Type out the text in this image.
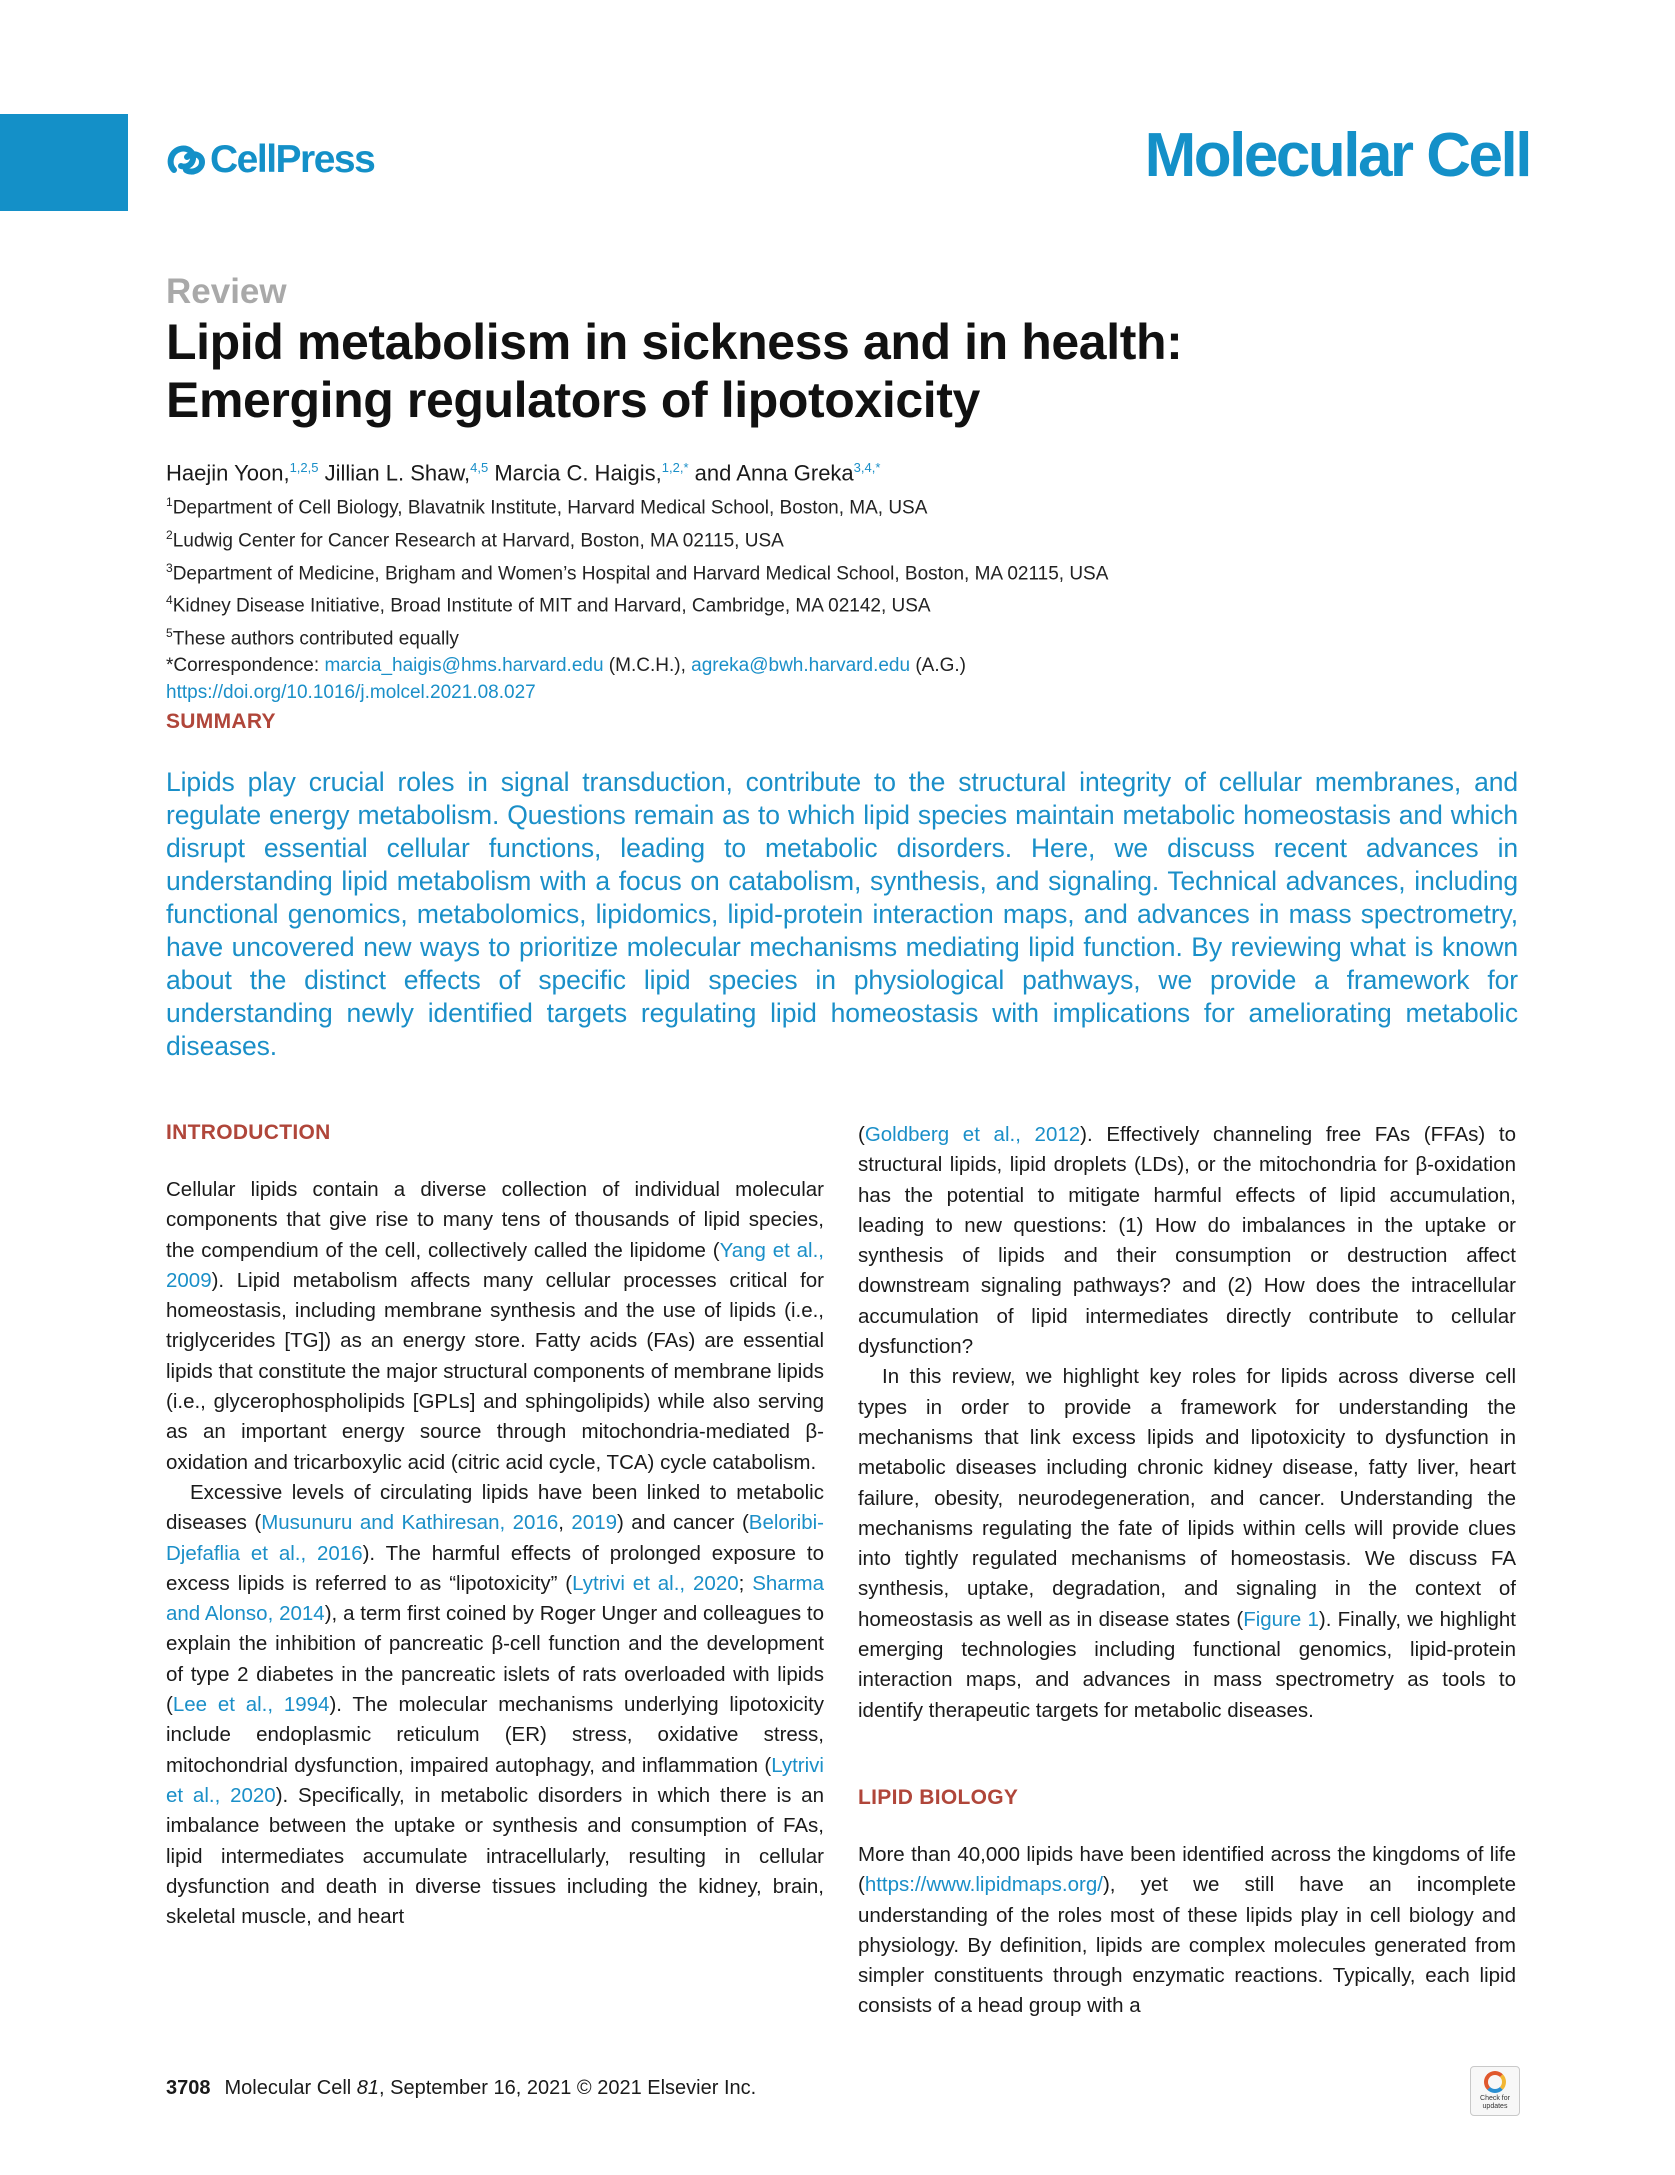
CellPress	Molecular Cell
Review
Lipid metabolism in sickness and in health:
Emerging regulators of lipotoxicity
Haejin Yoon,$^{1,2,5}$ Jillian L. Shaw,$^{4,5}$ Marcia C. Haigis,$^{1,2,*}$ and Anna Greka$^{3,4,*}$
$^1$Department of Cell Biology, Blavatnik Institute, Harvard Medical School, Boston, MA, USA
$^2$Ludwig Center for Cancer Research at Harvard, Boston, MA 02115, USA
$^3$Department of Medicine, Brigham and Women’s Hospital and Harvard Medical School, Boston, MA 02115, USA
$^4$Kidney Disease Initiative, Broad Institute of MIT and Harvard, Cambridge, MA 02142, USA
$^5$These authors contributed equally
*Correspondence: marcia_haigis@hms.harvard.edu (M.C.H.), agreka@bwh.harvard.edu (A.G.)
https://doi.org/10.1016/j.molcel.2021.08.027
SUMMARY
Lipids play crucial roles in signal transduction, contribute to the structural integrity of cellular membranes, and regulate energy metabolism. Questions remain as to which lipid species maintain metabolic homeostasis and which disrupt essential cellular functions, leading to metabolic disorders. Here, we discuss recent advances in understanding lipid metabolism with a focus on catabolism, synthesis, and signaling. Technical advances, including functional genomics, metabolomics, lipidomics, lipid-protein interaction maps, and advances in mass spectrometry, have uncovered new ways to prioritize molecular mechanisms mediating lipid function. By reviewing what is known about the distinct effects of specific lipid species in physiological pathways, we provide a framework for understanding newly identified targets regulating lipid homeostasis with implications for ameliorating metabolic diseases.
INTRODUCTION

Cellular lipids contain a diverse collection of individual molecular components that give rise to many tens of thousands of lipid species, the compendium of the cell, collectively called the lipidome (Yang et al., 2009). Lipid metabolism affects many cellular processes critical for homeostasis, including membrane synthesis and the use of lipids (i.e., triglycerides [TG]) as an energy store. Fatty acids (FAs) are essential lipids that constitute the major structural components of membrane lipids (i.e., glycerophospholipids [GPLs] and sphingolipids) while also serving as an important energy source through mitochondria-mediated β-oxidation and tricarboxylic acid (citric acid cycle, TCA) cycle catabolism.

Excessive levels of circulating lipids have been linked to metabolic diseases (Musunuru and Kathiresan, 2016, 2019) and cancer (Beloribi-Djefaflia et al., 2016). The harmful effects of prolonged exposure to excess lipids is referred to as “lipotoxicity” (Lytrivi et al., 2020; Sharma and Alonso, 2014), a term first coined by Roger Unger and colleagues to explain the inhibition of pancreatic β-cell function and the development of type 2 diabetes in the pancreatic islets of rats overloaded with lipids (Lee et al., 1994). The molecular mechanisms underlying lipotoxicity include endoplasmic reticulum (ER) stress, oxidative stress, mitochondrial dysfunction, impaired autophagy, and inflammation (Lytrivi et al., 2020). Specifically, in metabolic disorders in which there is an imbalance between the uptake or synthesis and consumption of FAs, lipid intermediates accumulate intracellularly, resulting in cellular dysfunction and death in diverse tissues including the kidney, brain, skeletal muscle, and heart

(Goldberg et al., 2012). Effectively channeling free FAs (FFAs) to structural lipids, lipid droplets (LDs), or the mitochondria for β-oxidation has the potential to mitigate harmful effects of lipid accumulation, leading to new questions: (1) How do imbalances in the uptake or synthesis of lipids and their consumption or destruction affect downstream signaling pathways? and (2) How does the intracellular accumulation of lipid intermediates directly contribute to cellular dysfunction?

In this review, we highlight key roles for lipids across diverse cell types in order to provide a framework for understanding the mechanisms that link excess lipids and lipotoxicity to dysfunction in metabolic diseases including chronic kidney disease, fatty liver, heart failure, obesity, neurodegeneration, and cancer. Understanding the mechanisms regulating the fate of lipids within cells will provide clues into tightly regulated mechanisms of homeostasis. We discuss FA synthesis, uptake, degradation, and signaling in the context of homeostasis as well as in disease states (Figure 1). Finally, we highlight emerging technologies including functional genomics, lipid-protein interaction maps, and advances in mass spectrometry as tools to identify therapeutic targets for metabolic diseases.

LIPID BIOLOGY

More than 40,000 lipids have been identified across the kingdoms of life (https://www.lipidmaps.org/), yet we still have an incomplete understanding of the roles most of these lipids play in cell biology and physiology. By definition, lipids are complex molecules generated from simpler constituents through enzymatic reactions. Typically, each lipid consists of a head group with a

3708 Molecular Cell 81, September 16, 2021 © 2021 Elsevier Inc.	Check for updates
